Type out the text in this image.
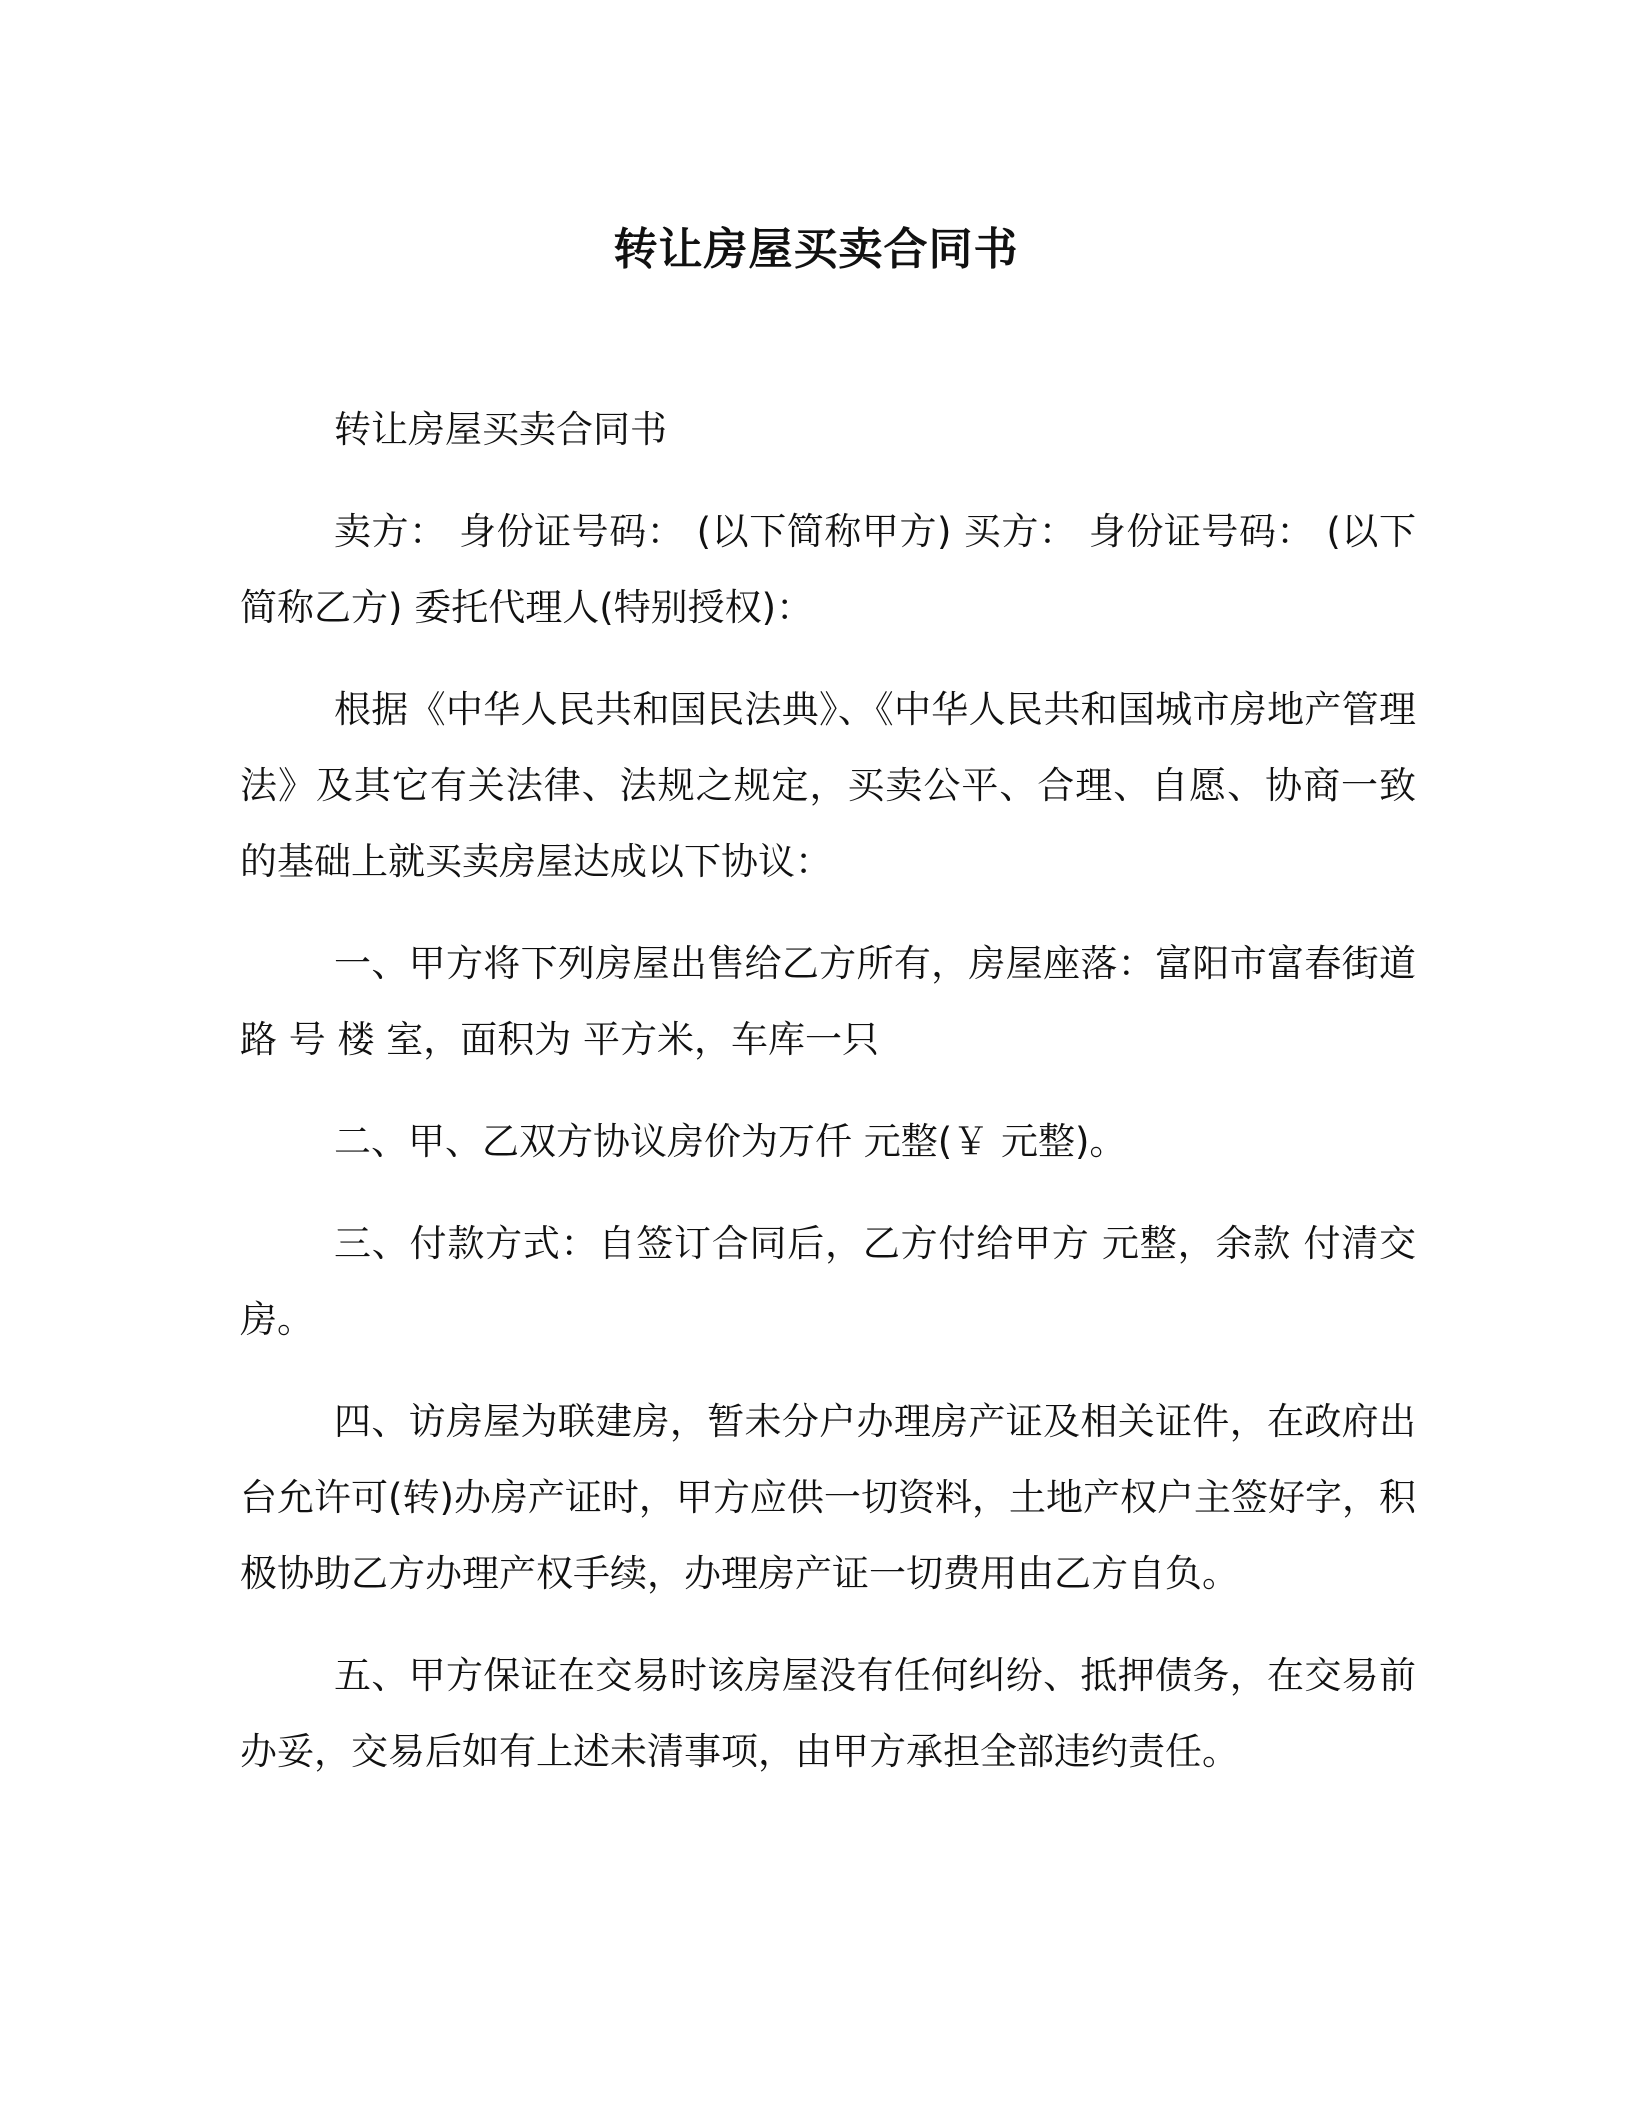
转让房屋买卖合同书

转让房屋买卖合同书

卖方： 身份证号码： (以下简称甲方) 买方： 身份证号码： (以下简称乙方) 委托代理人(特别授权)：

根据《中华人民共和国民法典》、《中华人民共和国城市房地产管理法》及其它有关法律、法规之规定，买卖公平、合理、自愿、协商一致的基础上就买卖房屋达成以下协议：

一、甲方将下列房屋出售给乙方所有，房屋座落：富阳市富春街道 路 号 楼 室，面积为 平方米，车库一只

二、甲、乙双方协议房价为万仟 元整(￥ 元整)。

三、付款方式：自签订合同后，乙方付给甲方 元整，余款 付清交房。

四、访房屋为联建房，暂未分户办理房产证及相关证件，在政府出台允许可(转)办房产证时，甲方应供一切资料，土地产权户主签好字，积极协助乙方办理产权手续，办理房产证一切费用由乙方自负。

五、甲方保证在交易时该房屋没有任何纠纷、抵押债务，在交易前办妥，交易后如有上述未清事项，由甲方承担全部违约责任。
